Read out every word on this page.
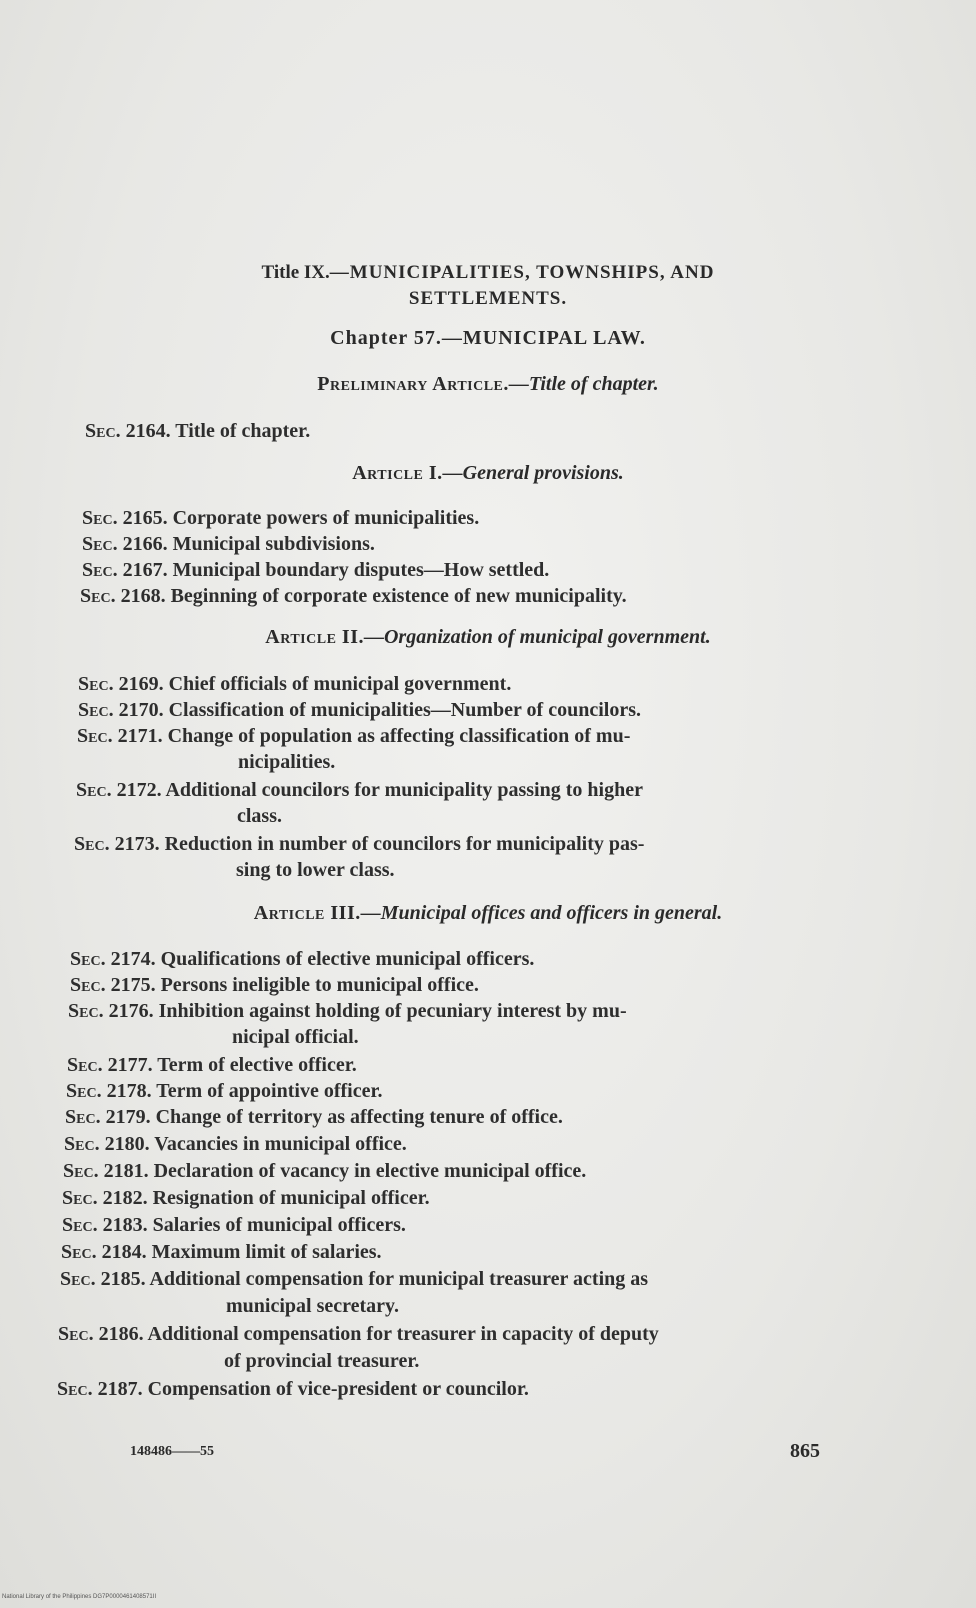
Title IX.—MUNICIPALITIES, TOWNSHIPS, AND
SETTLEMENTS.
Chapter 57.—MUNICIPAL LAW.
Preliminary Article.—Title of chapter.
Sec. 2164. Title of chapter.
Article I.—General provisions.
Sec. 2165. Corporate powers of municipalities.
Sec. 2166. Municipal subdivisions.
Sec. 2167. Municipal boundary disputes—How settled.
Sec. 2168. Beginning of corporate existence of new municipality.
Article II.—Organization of municipal government.
Sec. 2169. Chief officials of municipal government.
Sec. 2170. Classification of municipalities—Number of councilors.
Sec. 2171. Change of population as affecting classification of mu-
nicipalities.
Sec. 2172. Additional councilors for municipality passing to higher
class.
Sec. 2173. Reduction in number of councilors for municipality pas-
sing to lower class.
Article III.—Municipal offices and officers in general.
Sec. 2174. Qualifications of elective municipal officers.
Sec. 2175. Persons ineligible to municipal office.
Sec. 2176. Inhibition against holding of pecuniary interest by mu-
nicipal official.
Sec. 2177. Term of elective officer.
Sec. 2178. Term of appointive officer.
Sec. 2179. Change of territory as affecting tenure of office.
Sec. 2180. Vacancies in municipal office.
Sec. 2181. Declaration of vacancy in elective municipal office.
Sec. 2182. Resignation of municipal officer.
Sec. 2183. Salaries of municipal officers.
Sec. 2184. Maximum limit of salaries.
Sec. 2185. Additional compensation for municipal treasurer acting as
municipal secretary.
Sec. 2186. Additional compensation for treasurer in capacity of deputy
of provincial treasurer.
Sec. 2187. Compensation of vice-president or councilor.
148486——55	865
National Library of the Philippines DG7P0000461408571II
